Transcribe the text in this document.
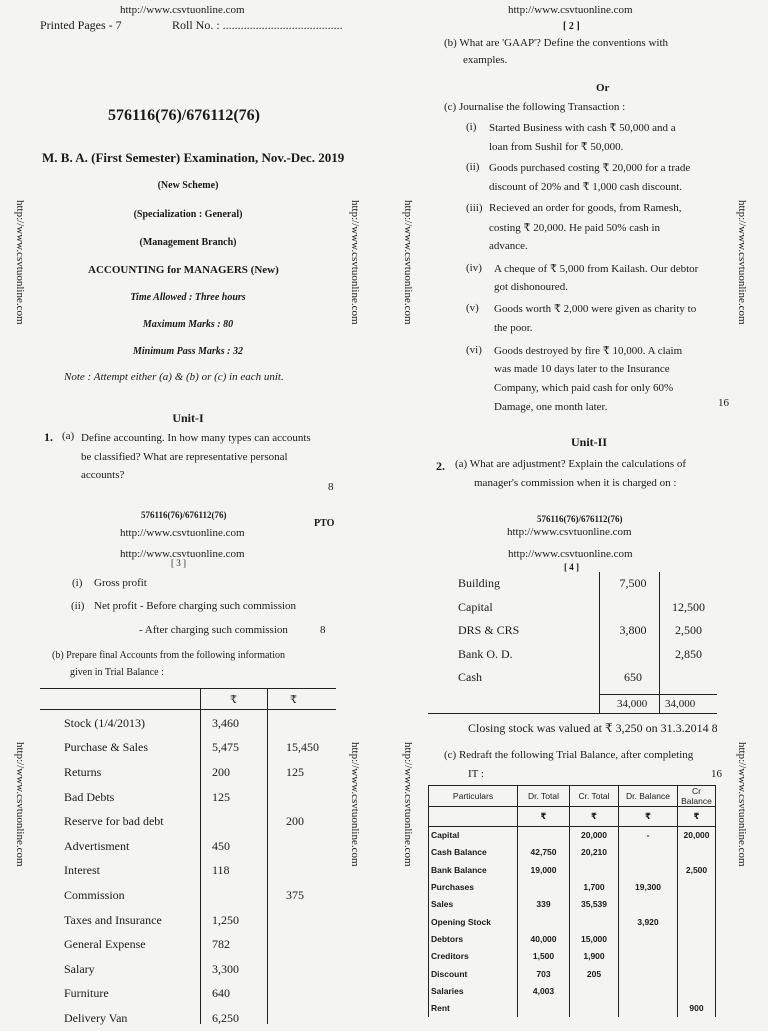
http://www.csvtuonline.com
Printed Pages - 7	Roll No. : ........................................
576116(76)/676112(76)
M. B. A. (First Semester) Examination, Nov.-Dec. 2019
(New Scheme)
(Specialization : General)
(Management Branch)
ACCOUNTING for MANAGERS (New)
Time Allowed : Three hours
Maximum Marks : 80
Minimum Pass Marks : 32
Note : Attempt either (a) & (b) or (c) in each unit.
Unit-I
1. (a) Define accounting. In how many types can accounts
be classified? What are representative personal
accounts?
8
576116(76)/676112(76)
PTO
http://www.csvtuonline.com
http://www.csvtuonline.com
[ 2 ]
(b) What are 'GAAP'? Define the conventions with
examples.
Or
(c) Journalise the following Transaction :
(i) Started Business with cash ₹ 50,000 and a
loan from Sushil for ₹ 50,000.
(ii) Goods purchased costing ₹ 20,000 for a trade
discount of 20% and ₹ 1,000 cash discount.
(iii) Recieved an order for goods, from Ramesh,
costing ₹ 20,000. He paid 50% cash in
advance.
(iv) A cheque of ₹ 5,000 from Kailash. Our debtor
got dishonoured.
(v) Goods worth ₹ 2,000 were given as charity to
the poor.
(vi) Goods destroyed by fire ₹ 10,000. A claim
was made 10 days later to the Insurance
Company, which paid cash for only 60%
Damage, one month later.	16
Unit-II
2. (a) What are adjustment? Explain the calculations of
manager's commission when it is charged on :
576116(76)/676112(76)
http://www.csvtuonline.com
http://www.csvtuonline.com
[ 3 ]
(i) Gross profit
(ii) Net profit - Before charging such commission
- After charging such commission	8
(b) Prepare final Accounts from the following information
given in Trial Balance :
₹	₹
Stock (1/4/2013)	3,460	
Purchase & Sales	5,475	15,450
Returns	200	125
Bad Debts	125	
Reserve for bad debt		200
Advertisment	450	
Interest	118	
Commission		375
Taxes and Insurance	1,250	
General Expense	782	
Salary	3,300	
Furniture	640	
Delivery Van	6,250	
http://www.csvtuonline.com
[ 4 ]
Building	7,500	
Capital		12,500
DRS & CRS	3,800	2,500
Bank O. D.		2,850
Cash	650	
34,000 34,000
Closing stock was valued at ₹ 3,250 on 31.3.2014 8
(c) Redraft the following Trial Balance, after completing
IT :	16
Particulars	Dr. Total	Cr. Total	Dr. Balance	Cr Balance
	₹	₹	₹	₹
Capital		20,000	-	20,000
Cash Balance	42,750	20,210		
Bank Balance	19,000			2,500
Purchases		1,700	19,300	
Sales	339	35,539		
Opening Stock			3,920	
Debtors	40,000	15,000		
Creditors	1,500	1,900		
Discount	703	205		
Salaries	4,003			
Rent				900
http://www.csvtuonline.com	http://www.csvtuonline.com	http://www.csvtuonline.com	http://www.csvtuonline.com
http://www.csvtuonline.com	http://www.csvtuonline.com	http://www.csvtuonline.com	http://www.csvtuonline.com
